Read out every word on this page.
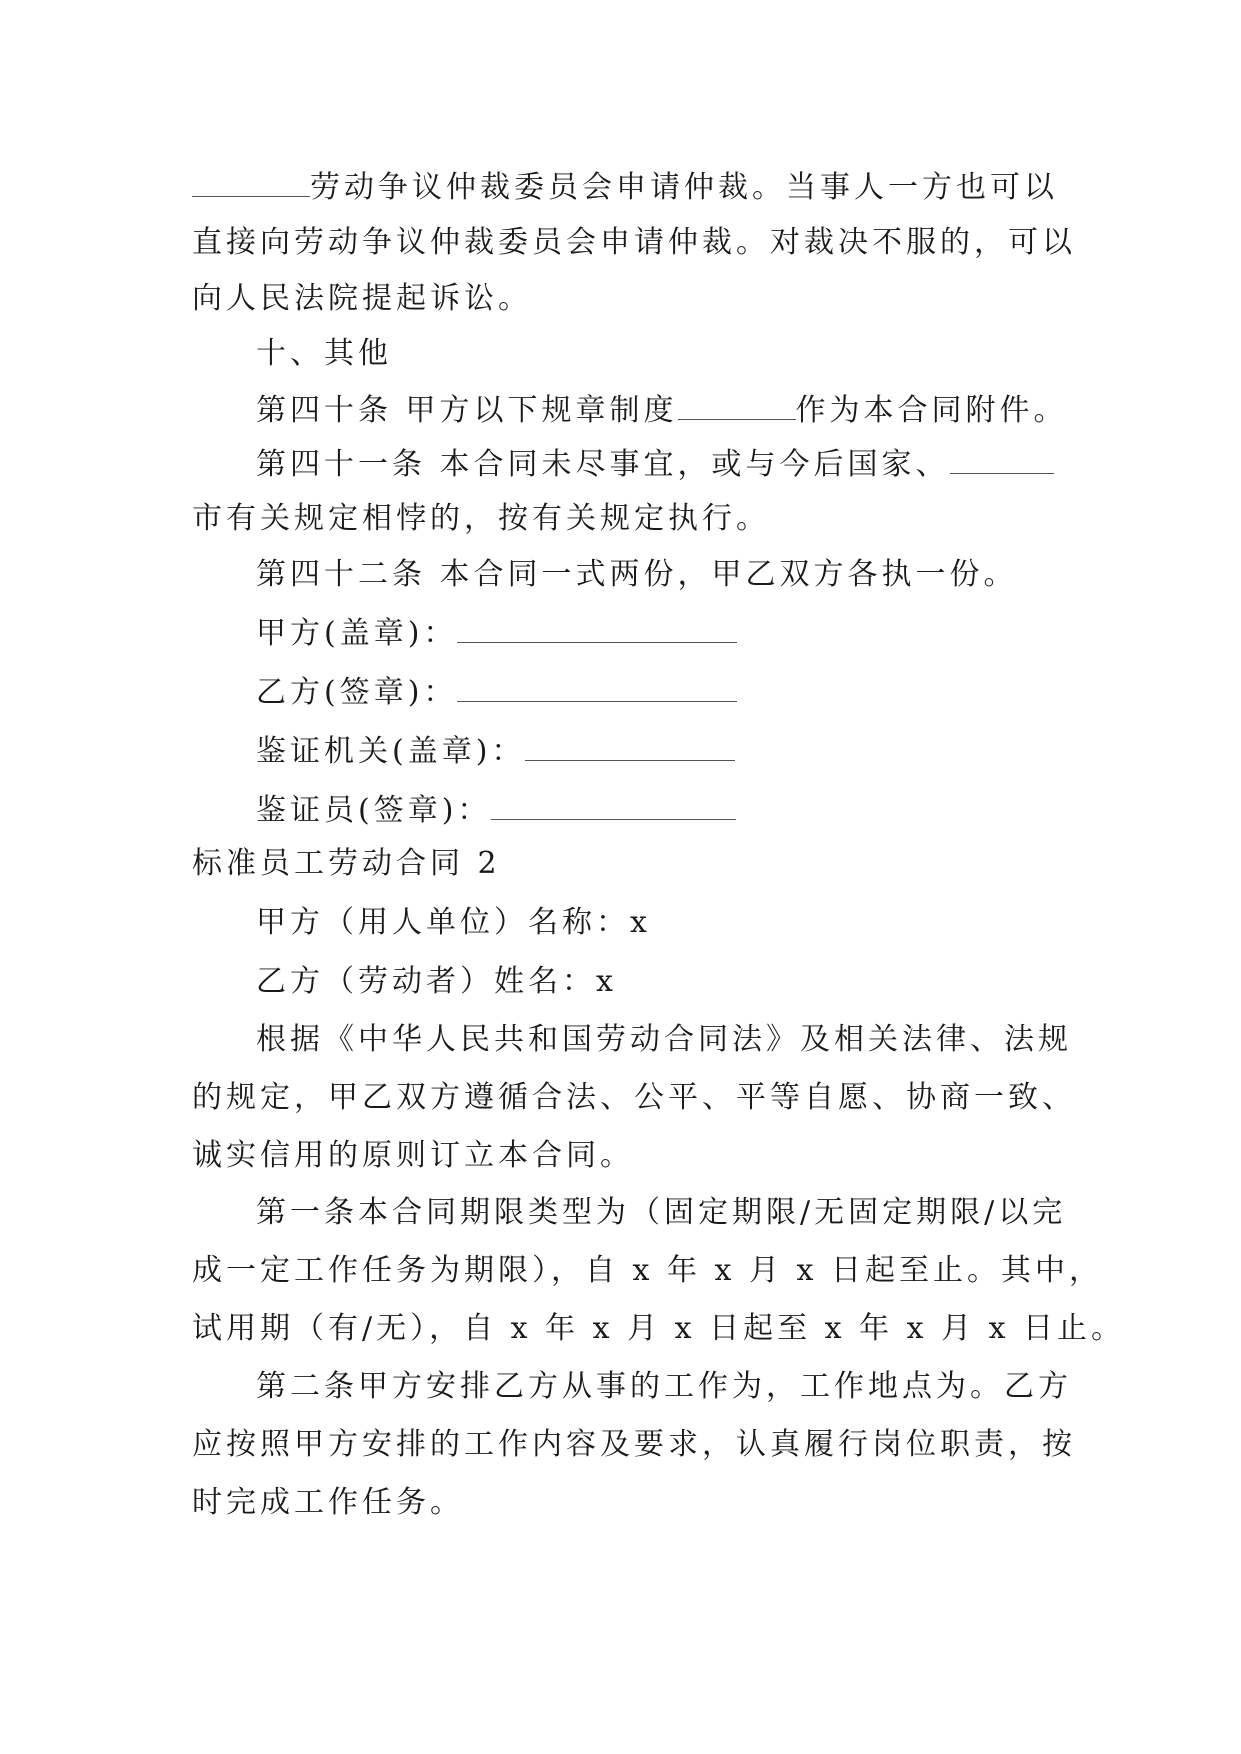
劳动争议仲裁委员会申请仲裁。当事人一方也可以

直接向劳动争议仲裁委员会申请仲裁。对裁决不服的，可以

向人民法院提起诉讼。

十、其他

第四十条 甲方以下规章制度	作为本合同附件。

第四十一条 本合同未尽事宜，或与今后国家、

市有关规定相悖的，按有关规定执行。

第四十二条 本合同一式两份，甲乙双方各执一份。

甲方(盖章)：

乙方(签章)：

鉴证机关(盖章)：

鉴证员(签章)：

标准员工劳动合同 2

甲方（用人单位）名称：x

乙方（劳动者）姓名：x

根据《中华人民共和国劳动合同法》及相关法律、法规

的规定，甲乙双方遵循合法、公平、平等自愿、协商一致、

诚实信用的原则订立本合同。

第一条本合同期限类型为（固定期限/无固定期限/以完

成一定工作任务为期限），自 x 年 x 月 x 日起至止。其中，

试用期（有/无），自 x 年 x 月 x 日起至 x 年 x 月 x 日止。

第二条甲方安排乙方从事的工作为，工作地点为。乙方

应按照甲方安排的工作内容及要求，认真履行岗位职责，按

时完成工作任务。
